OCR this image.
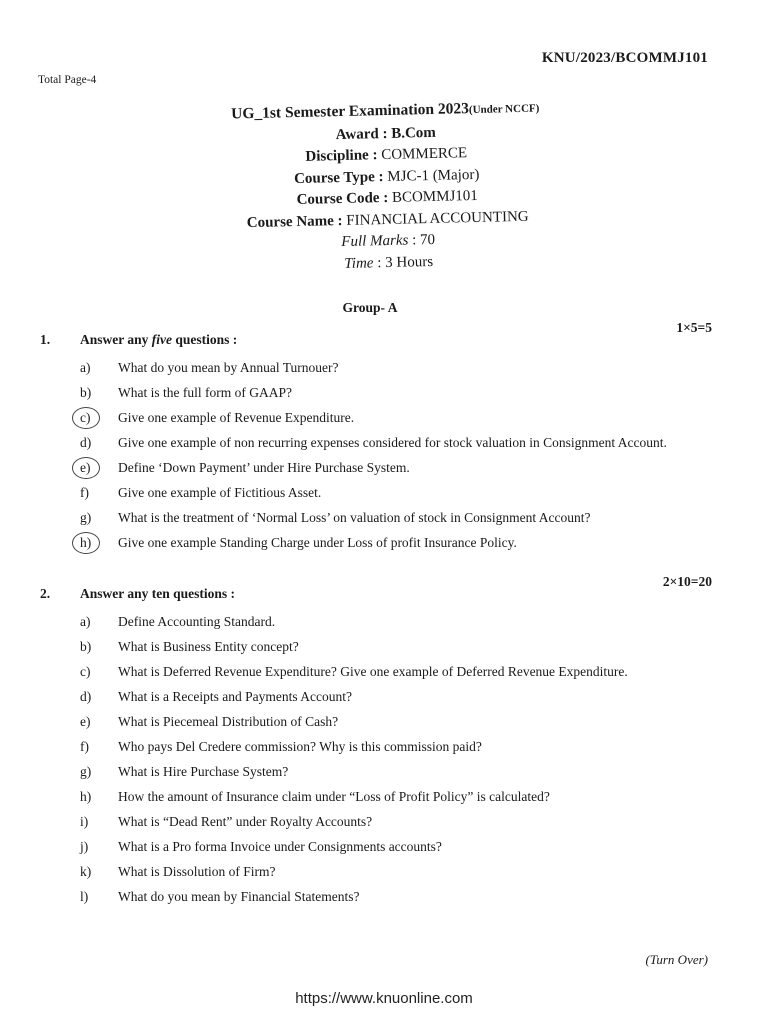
KNU/2023/BCOMMJ101
Total Page-4
UG_1st Semester Examination 2023(Under NCCF)
Award : B.Com
Discipline : COMMERCE
Course Type : MJC-1 (Major)
Course Code : BCOMMJ101
Course Name : FINANCIAL ACCOUNTING
Full Marks : 70
Time : 3 Hours
Group- A
1. Answer any five questions :
1×5=5
a) What do you mean by Annual Turnouer?
b) What is the full form of GAAP?
c) Give one example of Revenue Expenditure.
d) Give one example of non recurring expenses considered for stock valuation in Consignment Account.
e) Define ‘Down Payment’ under Hire Purchase System.
f) Give one example of Fictitious Asset.
g) What is the treatment of ‘Normal Loss’ on valuation of stock in Consignment Account?
h) Give one example Standing Charge under Loss of profit Insurance Policy.
2. Answer any ten questions :
2×10=20
a) Define Accounting Standard.
b) What is Business Entity concept?
c) What is Deferred Revenue Expenditure? Give one example of Deferred Revenue Expenditure.
d) What is a Receipts and Payments Account?
e) What is Piecemeal Distribution of Cash?
f) Who pays Del Credere commission? Why is this commission paid?
g) What is Hire Purchase System?
h) How the amount of Insurance claim under “Loss of Profit Policy” is calculated?
i) What is “Dead Rent” under Royalty Accounts?
j) What is a Pro forma Invoice under Consignments accounts?
k) What is Dissolution of Firm?
l) What do you mean by Financial Statements?
(Turn Over)
https://www.knuonline.com
